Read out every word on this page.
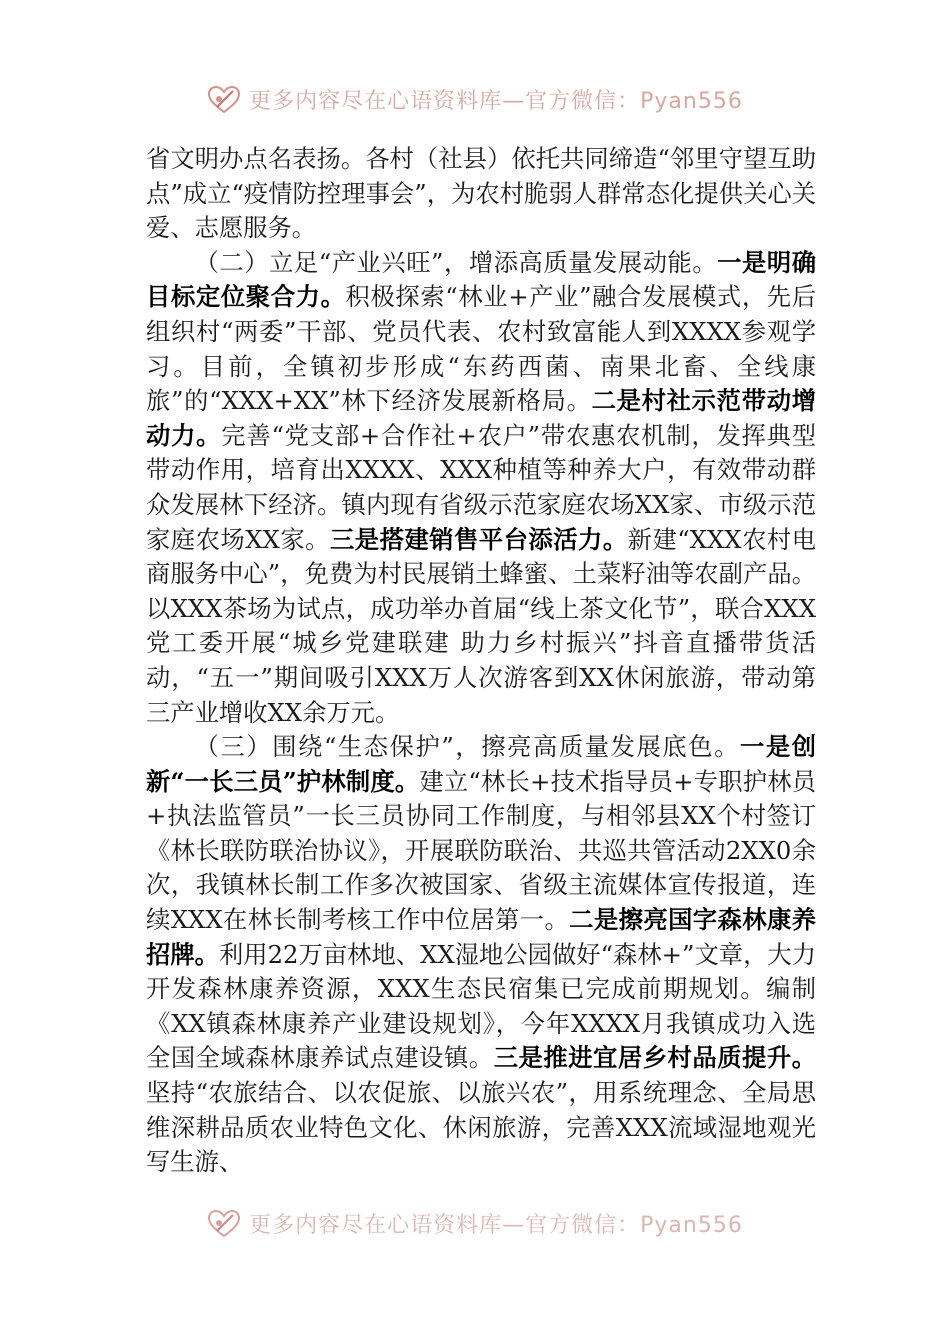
更多内容尽在心语资料库—官方微信：Pyan556

省文明办点名表扬。各村（社县）依托共同缔造“邻里守望互助点”成立“疫情防控理事会”，为农村脆弱人群常态化提供关心关爱、志愿服务。

（二）立足“产业兴旺”，增添高质量发展动能。一是明确目标定位聚合力。积极探索“林业+产业”融合发展模式，先后组织村“两委”干部、党员代表、农村致富能人到XXXX参观学习。目前，全镇初步形成“东药西菌、南果北畜、全线康旅”的“XXX+XX”林下经济发展新格局。二是村社示范带动增动力。完善“党支部+合作社+农户”带农惠农机制，发挥典型带动作用，培育出XXXX、XXX种植等种养大户，有效带动群众发展林下经济。镇内现有省级示范家庭农场XX家、市级示范家庭农场XX家。三是搭建销售平台添活力。新建“XXX农村电商服务中心”，免费为村民展销土蜂蜜、土菜籽油等农副产品。以XXX茶场为试点，成功举办首届“线上茶文化节”，联合XXX党工委开展“城乡党建联建 助力乡村振兴”抖音直播带货活动，“五一”期间吸引XXX万人次游客到XX休闲旅游，带动第三产业增收XX余万元。

（三）围绕“生态保护”，擦亮高质量发展底色。一是创新“一长三员”护林制度。建立“林长+技术指导员+专职护林员+执法监管员”一长三员协同工作制度，与相邻县XX个村签订《林长联防联治协议》，开展联防联治、共巡共管活动2XX0余次，我镇林长制工作多次被国家、省级主流媒体宣传报道，连续XXX在林长制考核工作中位居第一。二是擦亮国字森林康养招牌。利用22万亩林地、XX湿地公园做好“森林+”文章，大力开发森林康养资源，XXX生态民宿集已完成前期规划。编制《XX镇森林康养产业建设规划》，今年XXXX月我镇成功入选全国全域森林康养试点建设镇。三是推进宜居乡村品质提升。坚持“农旅结合、以农促旅、以旅兴农”，用系统理念、全局思维深耕品质农业特色文化、休闲旅游，完善XXX流域湿地观光写生游、

更多内容尽在心语资料库—官方微信：Pyan556
